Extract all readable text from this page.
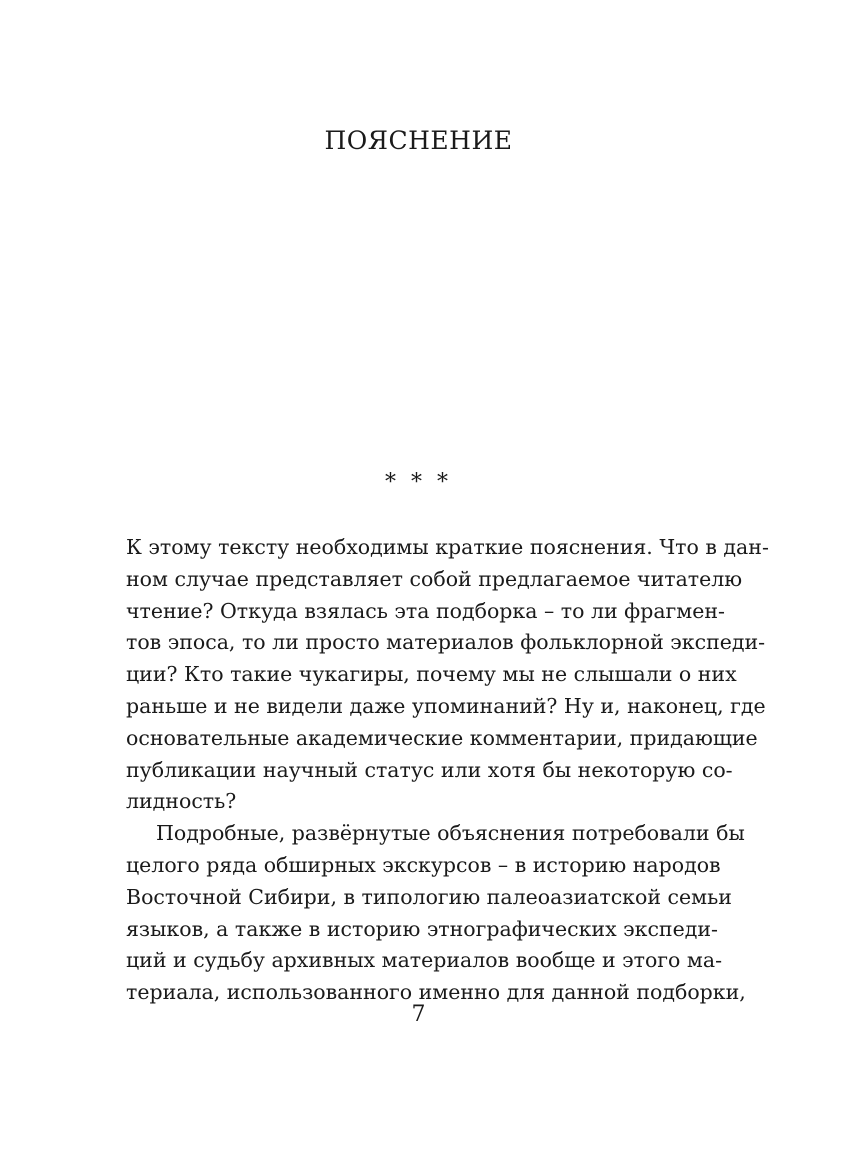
ПОЯСНЕНИЕ
* * *
К этому тексту необходимы краткие пояснения. Что в дан-
ном случае представляет собой предлагаемое читателю
чтение? Откуда взялась эта подборка – то ли фрагмен-
тов эпоса, то ли просто материалов фольклорной экспеди-
ции? Кто такие чукагиры, почему мы не слышали о них
раньше и не видели даже упоминаний? Ну и, наконец, где
основательные академические комментарии, придающие
публикации научный статус или хотя бы некоторую со-
лидность?
Подробные, развёрнутые объяснения потребовали бы
целого ряда обширных экскурсов – в историю народов
Восточной Сибири, в типологию палеоазиатской семьи
языков, а также в историю этнографических экспеди-
ций и судьбу архивных материалов вообще и этого ма-
териала, использованного именно для данной подборки,
7
